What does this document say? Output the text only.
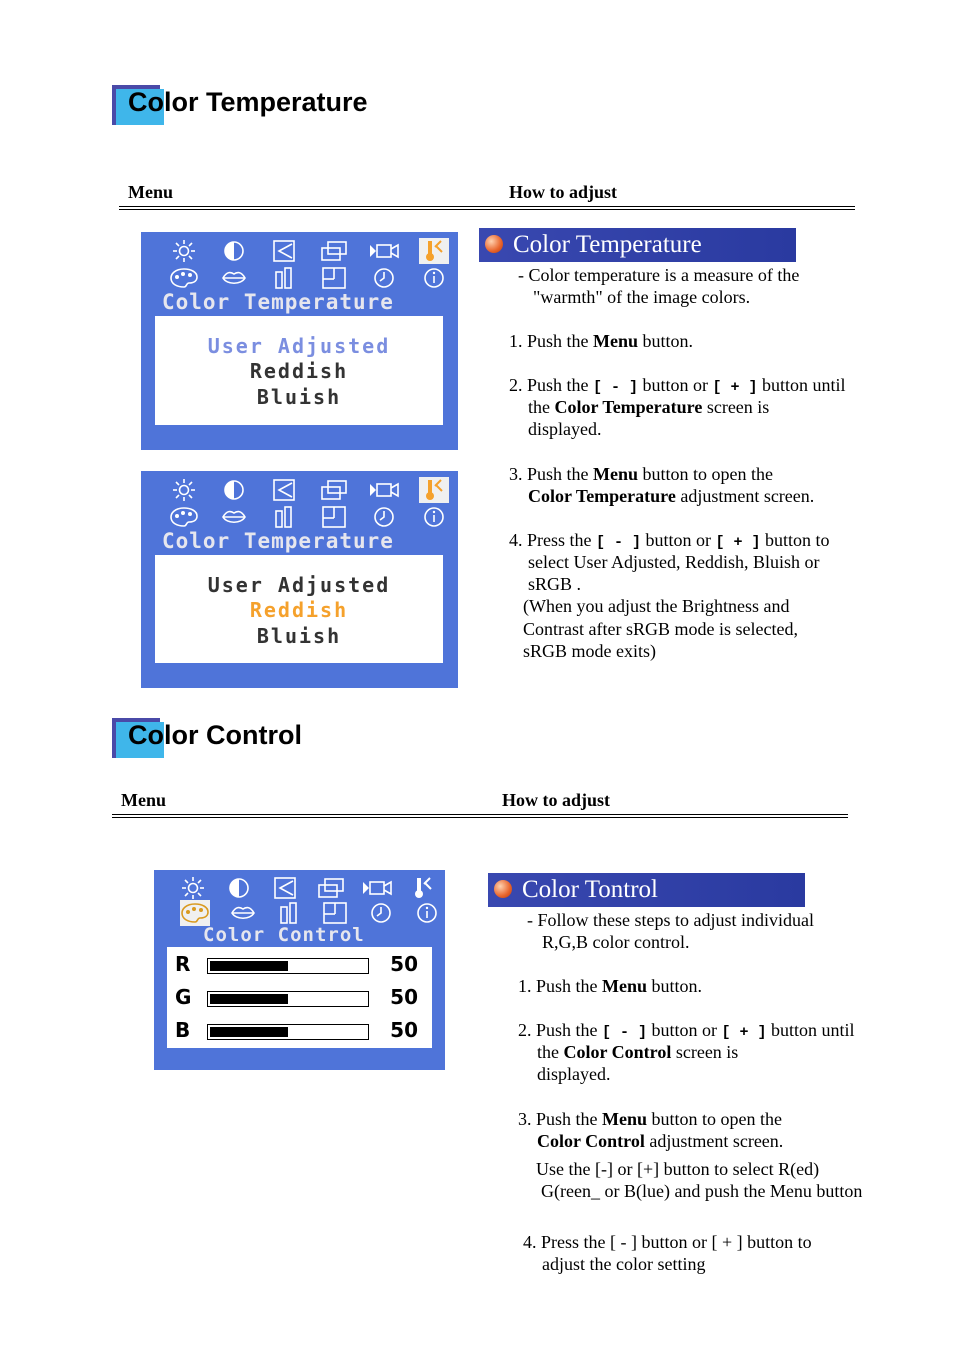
Color Temperature
Menu	How to adjust
Color Temperature
User Adjusted
Reddish
Bluish
Color Temperature
User Adjusted
Reddish
Bluish
Color Temperature
- Color temperature is a measure of the
"warmth" of the image colors.
1. Push the Menu button.
2. Push the [ - ] button or [ + ] button until
the Color Temperature screen is
displayed.
3. Push the Menu button to open the
Color Temperature adjustment screen.
4. Press the [ - ] button or [ + ] button to
select User Adjusted, Reddish, Bluish or
sRGB .
(When you adjust the Brightness and
Contrast after sRGB mode is selected,
sRGB mode exits)
Color Control
Menu	How to adjust
Color Control
R	50
G	50
B	50
Color Tontrol
- Follow these steps to adjust individual
R,G,B color control.
1. Push the Menu button.
2. Push the [ - ] button or [ + ] button until
the Color Control screen is
displayed.
3. Push the Menu button to open the
Color Control adjustment screen.
Use the [-] or [+] button to select R(ed)
G(reen_ or B(lue) and push the Menu button
4. Press the [ - ] button or [ + ] button to
adjust the color setting
